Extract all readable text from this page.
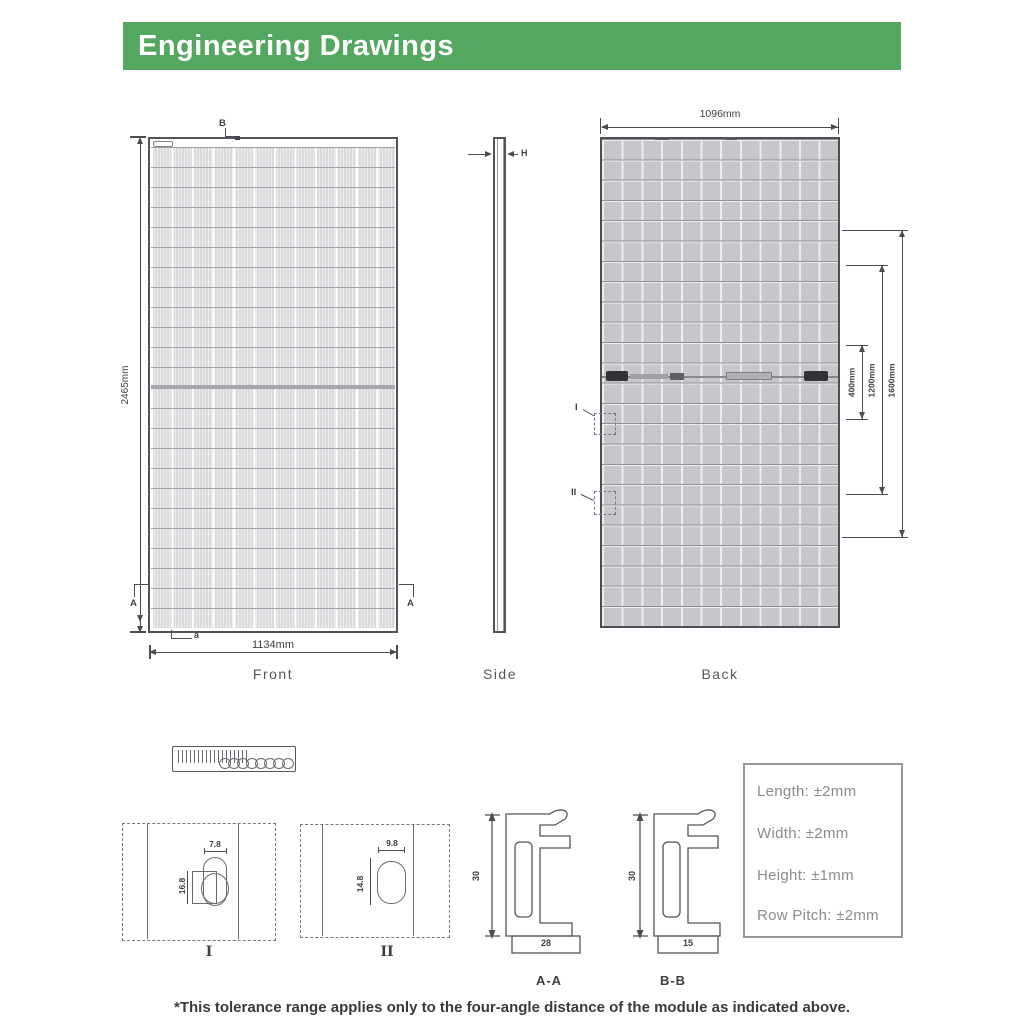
Engineering Drawings
2465mm
B
A	A
a
1134mm
Front
H
Side
1096mm
400mm	1200mm	1600mm
I
II
Back
7.8
16.8
I
9.8
14.8
II
30
28
A-A
30
15
B-B
Length: ±2mm
Width: ±2mm
Height: ±1mm
Row Pitch: ±2mm
*This tolerance range applies only to the four-angle distance of the module as indicated above.
